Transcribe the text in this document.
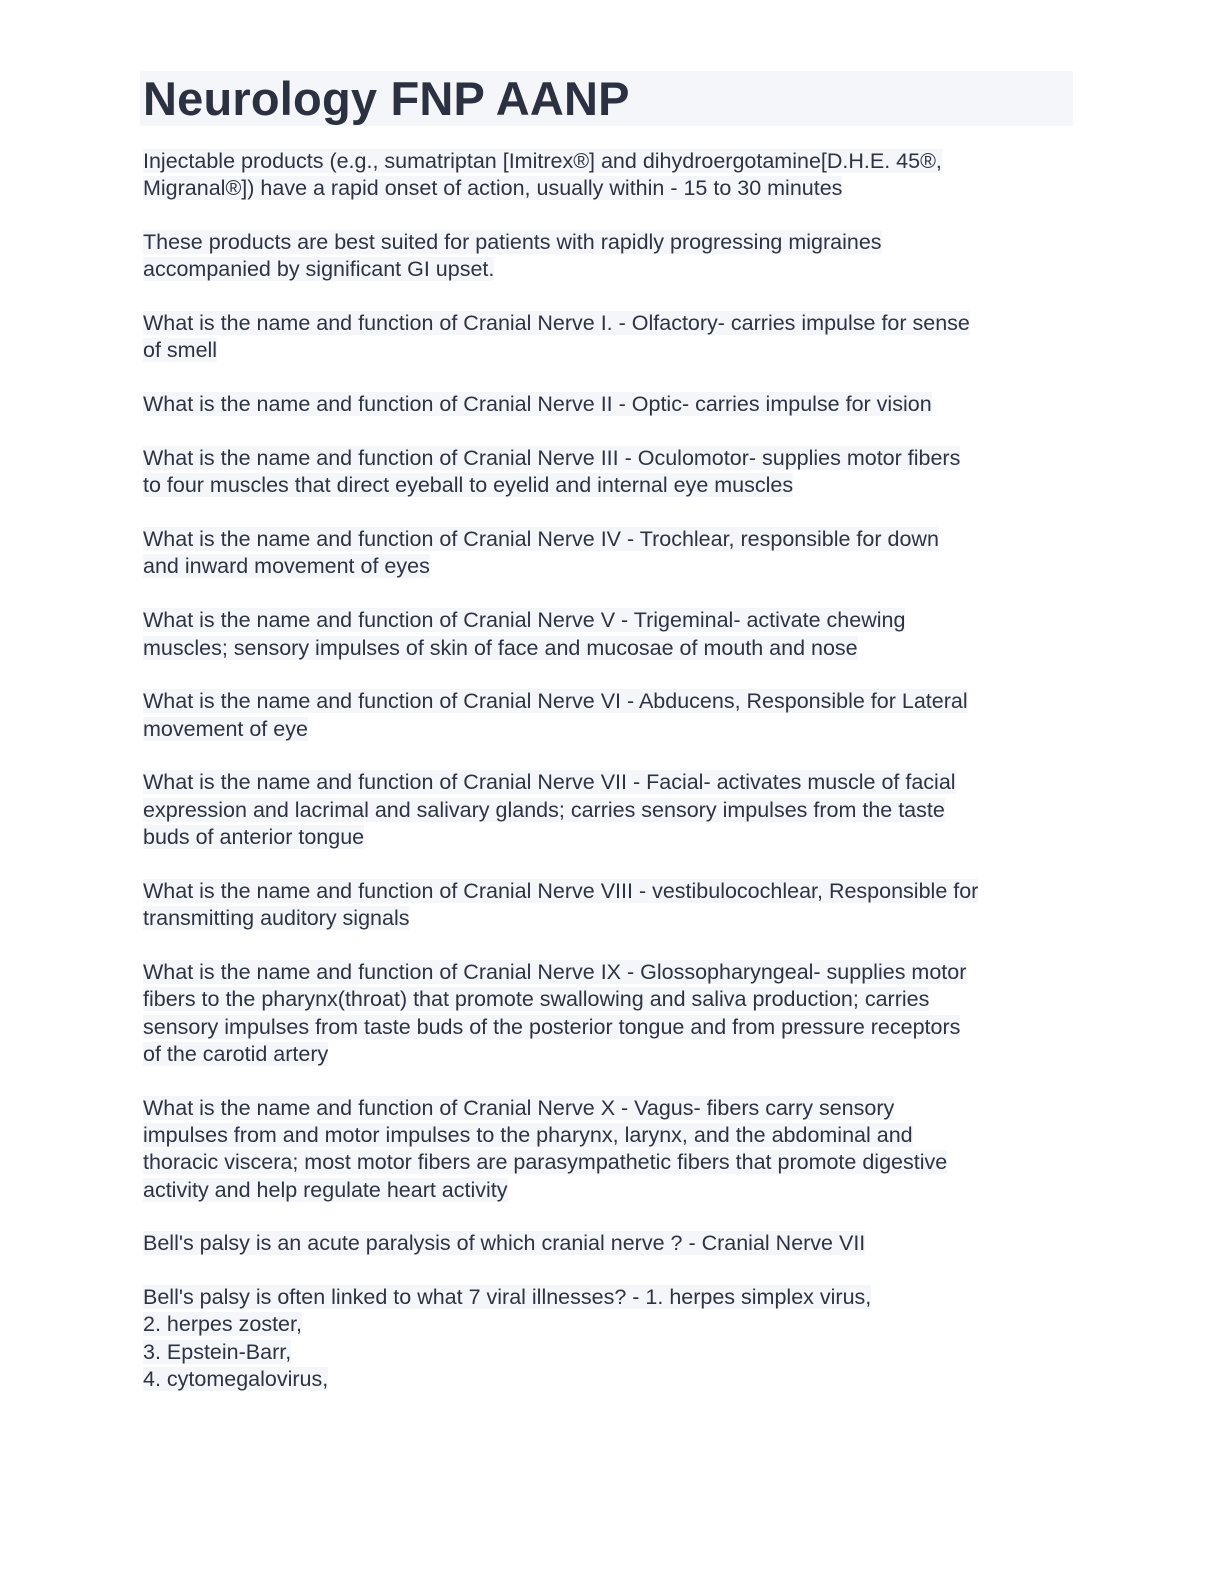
Neurology FNP AANP
Injectable products (e.g., sumatriptan [Imitrex®] and dihydroergotamine[D.H.E. 45®,
Migranal®]) have a rapid onset of action, usually within - 15 to 30 minutes
These products are best suited for patients with rapidly progressing migraines
accompanied by significant GI upset.
What is the name and function of Cranial Nerve I. - Olfactory- carries impulse for sense
of smell
What is the name and function of Cranial Nerve II - Optic- carries impulse for vision
What is the name and function of Cranial Nerve III - Oculomotor- supplies motor fibers
to four muscles that direct eyeball to eyelid and internal eye muscles
What is the name and function of Cranial Nerve IV - Trochlear, responsible for down
and inward movement of eyes
What is the name and function of Cranial Nerve V - Trigeminal- activate chewing
muscles; sensory impulses of skin of face and mucosae of mouth and nose
What is the name and function of Cranial Nerve VI - Abducens, Responsible for Lateral
movement of eye
What is the name and function of Cranial Nerve VII - Facial- activates muscle of facial
expression and lacrimal and salivary glands; carries sensory impulses from the taste
buds of anterior tongue
What is the name and function of Cranial Nerve VIII - vestibulocochlear, Responsible for
transmitting auditory signals
What is the name and function of Cranial Nerve IX - Glossopharyngeal- supplies motor
fibers to the pharynx(throat) that promote swallowing and saliva production; carries
sensory impulses from taste buds of the posterior tongue and from pressure receptors
of the carotid artery
What is the name and function of Cranial Nerve X - Vagus- fibers carry sensory
impulses from and motor impulses to the pharynx, larynx, and the abdominal and
thoracic viscera; most motor fibers are parasympathetic fibers that promote digestive
activity and help regulate heart activity
Bell's palsy is an acute paralysis of which cranial nerve ? - Cranial Nerve VII
Bell's palsy is often linked to what 7 viral illnesses? - 1. herpes simplex virus,
2. herpes zoster,
3. Epstein-Barr,
4. cytomegalovirus,
